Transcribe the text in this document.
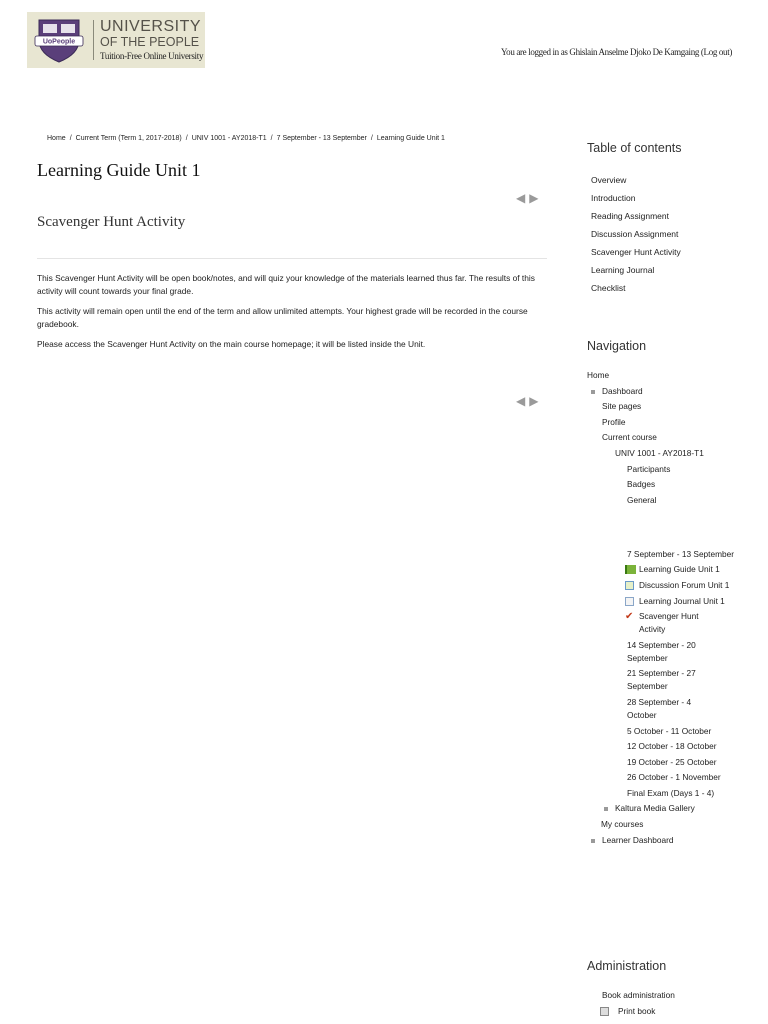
UoPeople
UNIVERSITY
OF THE PEOPLE
Tuition-Free Online University	You are logged in as Ghislain Anselme Djoko De Kamgaing (Log out)
Home / Current Term (Term 1, 2017-2018) / UNIV 1001 - AY2018-T1 / 7 September - 13 September / Learning Guide Unit 1
Learning Guide Unit 1
◀ ▶
Scavenger Hunt Activity

This Scavenger Hunt Activity will be open book/notes, and will quiz your knowledge of the materials learned thus far. The results of this activity will count towards your final grade.

This activity will remain open until the end of the term and allow unlimited attempts. Your highest grade will be recorded in the course gradebook.

Please access the Scavenger Hunt Activity on the main course homepage; it will be listed inside the Unit.

◀ ▶
Table of contents
Overview
Introduction
Reading Assignment
Discussion Assignment
Scavenger Hunt Activity
Learning Journal
Checklist
Navigation
Home
Dashboard
Site pages
Profile
Current course
UNIV 1001 - AY2018-T1
Participants
Badges
General
7 September - 13 September
Learning Guide Unit 1
Discussion Forum Unit 1
Learning Journal Unit 1
✔ Scavenger Hunt Activity
14 September - 20 September
21 September - 27 September
28 September - 4 October
5 October - 11 October
12 October - 18 October
19 October - 25 October
26 October - 1 November
Final Exam (Days 1 - 4)
Kaltura Media Gallery
My courses
Learner Dashboard
Administration
Book administration
Print book
